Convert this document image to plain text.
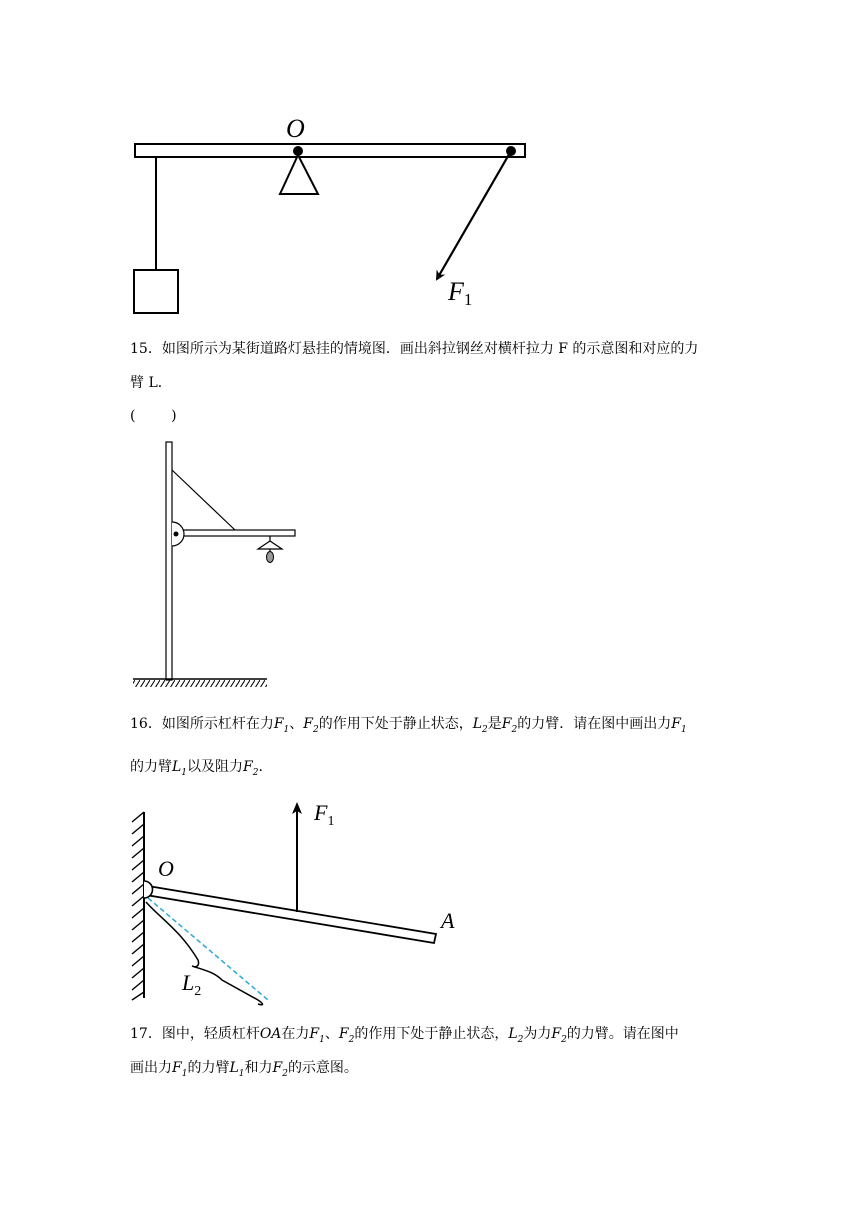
O
F1
15．如图所示为某街道路灯悬挂的情境图．画出斜拉钢丝对横杆拉力 F 的示意图和对应的力
臂 L．
(        )
16．如图所示杠杆在力$F_1$、$F_2$的作用下处于静止状态，$L_2$是$F_2$的力臂．请在图中画出力$F_1$
的力臂$L_1$以及阻力$F_2$．
$F_1$
O
A
$L_2$
17．图中，轻质杠杆OA在力$F_1$、$F_2$的作用下处于静止状态，$L_2$为力$F_2$的力臂。请在图中
画出力$F_1$的力臂$L_1$和力$F_2$的示意图。
